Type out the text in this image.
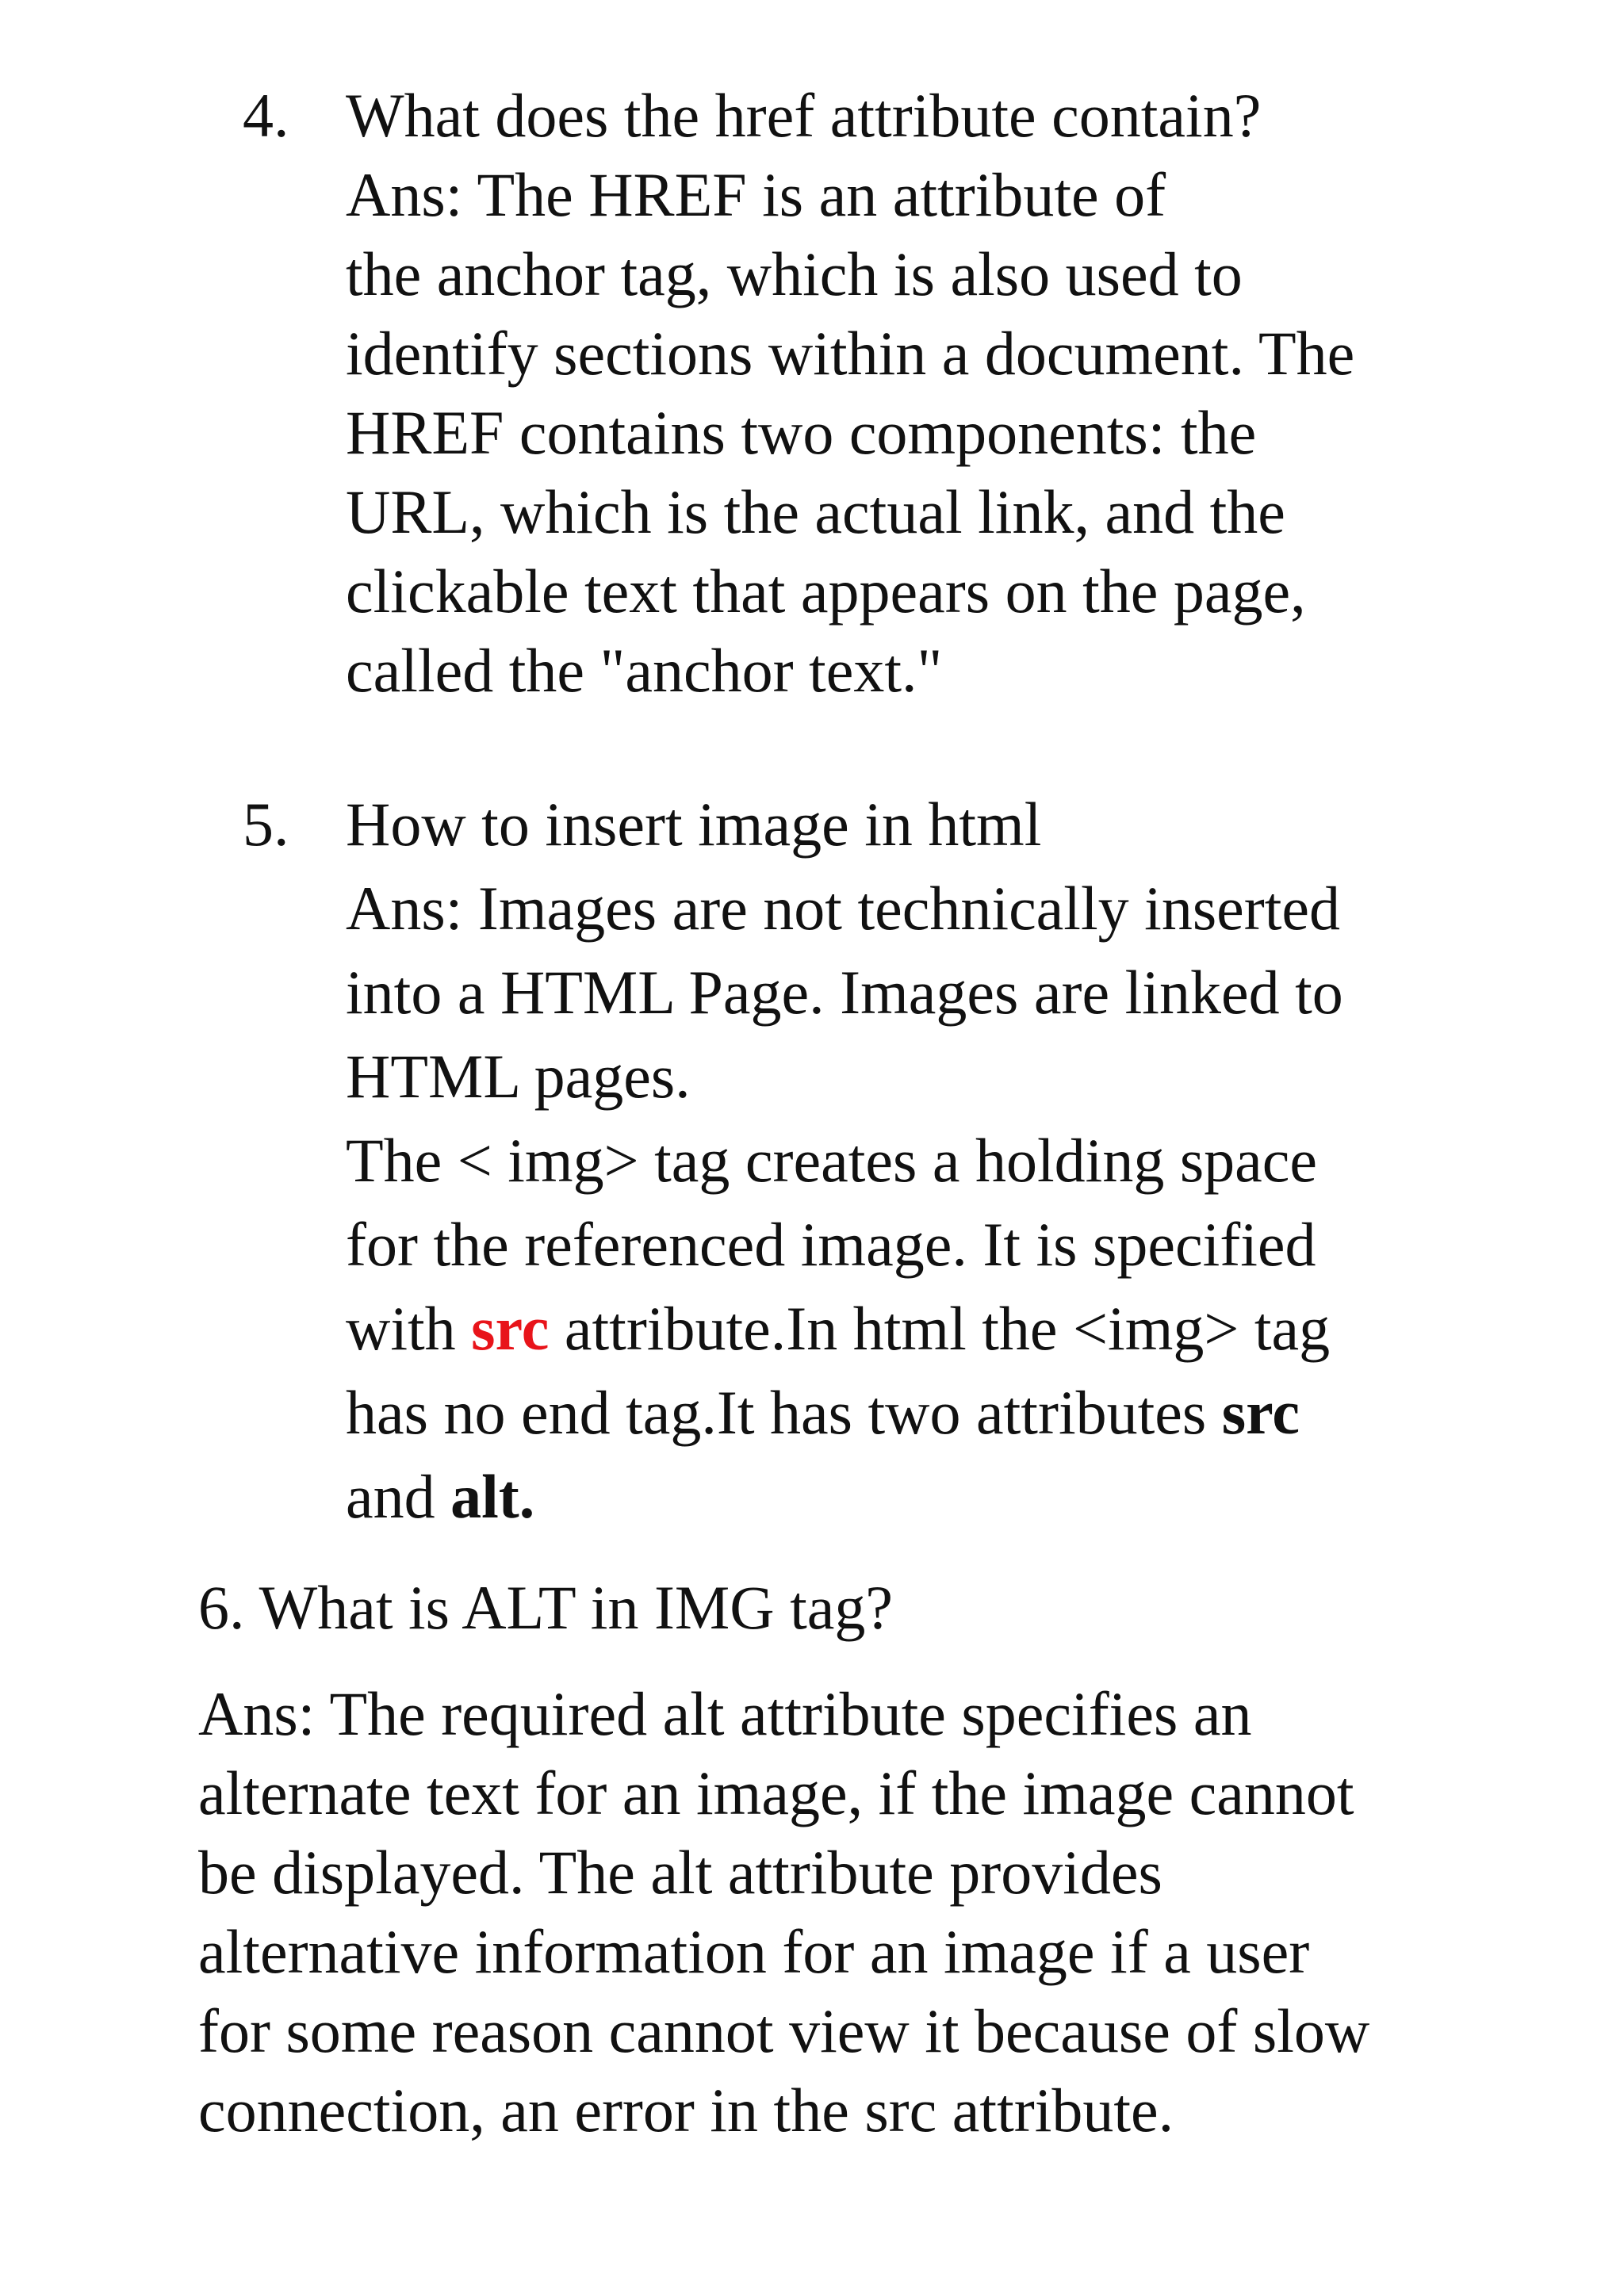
4. What does the href attribute contain?
Ans: The HREF is an attribute of
the anchor tag, which is also used to
identify sections within a document. The
HREF contains two components: the
URL, which is the actual link, and the
clickable text that appears on the page,
called the "anchor text."
5. How to insert image in html
Ans: Images are not technically inserted
into a HTML Page. Images are linked to
HTML pages.
The < img> tag creates a holding space
for the referenced image. It is specified
with src attribute.In html the <img> tag
has no end tag.It has two attributes src
and alt.
6. What is ALT in IMG tag?
Ans: The required alt attribute specifies an
alternate text for an image, if the image cannot
be displayed. The alt attribute provides
alternative information for an image if a user
for some reason cannot view it because of slow
connection, an error in the src attribute.
